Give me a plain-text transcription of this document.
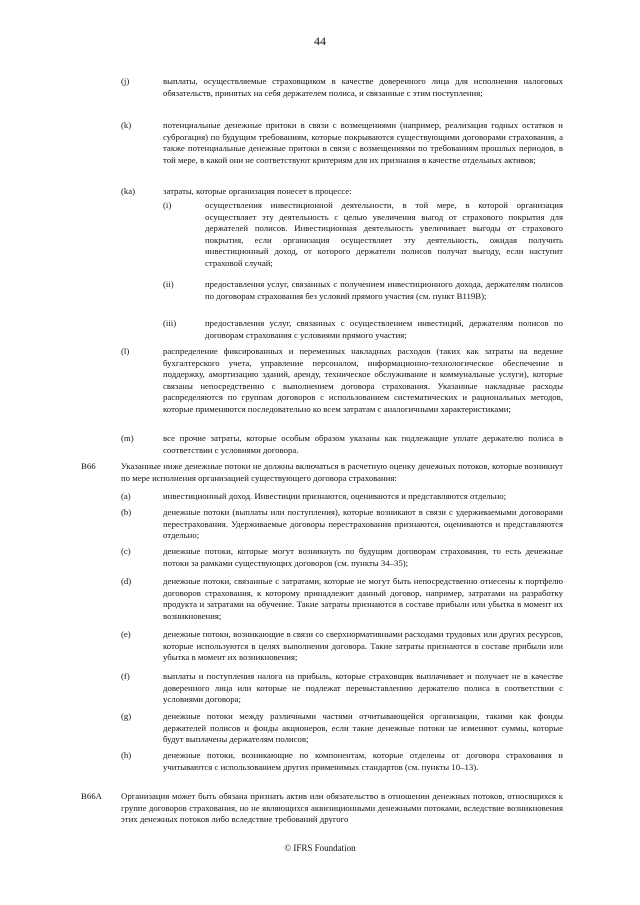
44
(j)	выплаты, осуществляемые страховщиком в качестве доверенного лица для исполнения налоговых обязательств, принятых на себя держателем полиса, и связанные с этим поступления;
(k)	потенциальные денежные притоки в связи с возмещениями (например, реализация годных остатков и суброгация) по будущим требованиям, которые покрываются существующими договорами страхования, а также потенциальные денежные притоки в связи с возмещениями по требованиям прошлых периодов, в той мере, в какой они не соответствуют критериям для их признания в качестве отдельных активов;
(ka)	затраты, которые организация понесет в процессе:
(i)	осуществления инвестиционной деятельности, в той мере, в которой организация осуществляет эту деятельность с целью увеличения выгод от страхового покрытия для держателей полисов. Инвестиционная деятельность увеличивает выгоды от страхового покрытия, если организация осуществляет эту деятельность, ожидая получить инвестиционный доход, от которого держатели полисов получат выгоду, если наступит страховой случай;
(ii)	предоставления услуг, связанных с получением инвестиционного дохода, держателям полисов по договорам страхования без условий прямого участия (см. пункт B119B);
(iii)	предоставления услуг, связанных с осуществлением инвестиций, держателям полисов по договорам страхования с условиями прямого участия;
(l)	распределение фиксированных и переменных накладных расходов (таких как затраты на ведение бухгалтерского учета, управление персоналом, информационно-технологическое обеспечение и поддержку, амортизацию зданий, аренду, техническое обслуживание и коммунальные услуги), которые связаны непосредственно с выполнением договора страхования. Указанные накладные расходы распределяются по группам договоров с использованием систематических и рациональных методов, которые применяются последовательно ко всем затратам с аналогичными характеристиками;
(m)	все прочие затраты, которые особым образом указаны как подлежащие уплате держателю полиса в соответствии с условиями договора.
B66	Указанные ниже денежные потоки не должны включаться в расчетную оценку денежных потоков, которые возникнут по мере исполнения организацией существующего договора страхования:
(a)	инвестиционный доход. Инвестиции признаются, оцениваются и представляются отдельно;
(b)	денежные потоки (выплаты или поступления), которые возникают в связи с удерживаемыми договорами перестрахования. Удерживаемые договоры перестрахования признаются, оцениваются и представляются отдельно;
(c)	денежные потоки, которые могут возникнуть по будущим договорам страхования, то есть денежные потоки за рамками существующих договоров (см. пункты 34–35);
(d)	денежные потоки, связанные с затратами, которые не могут быть непосредственно отнесены к портфелю договоров страхования, к которому принадлежит данный договор, например, затратами на разработку продукта и затратами на обучение. Такие затраты признаются в составе прибыли или убытка в момент их возникновения;
(e)	денежные потоки, возникающие в связи со сверхнормативными расходами трудовых или других ресурсов, которые используются в целях выполнения договора. Такие затраты признаются в составе прибыли или убытка в момент их возникновения;
(f)	выплаты и поступления налога на прибыль, которые страховщик выплачивает и получает не в качестве доверенного лица или которые не подлежат перевыставлению держателю полиса в соответствии с условиями договора;
(g)	денежные потоки между различными частями отчитывающейся организации, такими как фонды держателей полисов и фонды акционеров, если такие денежные потоки не изменяют суммы, которые будут выплачены держателям полисов;
(h)	денежные потоки, возникающие по компонентам, которые отделены от договора страхования и учитываются с использованием других применимых стандартов (см. пункты 10–13).
B66A Организация может быть обязана признать актив или обязательство в отношении денежных потоков, относящихся к группе договоров страхования, но не являющихся аквизиционными денежными потоками, вследствие возникновения этих денежных потоков либо вследствие требований другого
© IFRS Foundation
